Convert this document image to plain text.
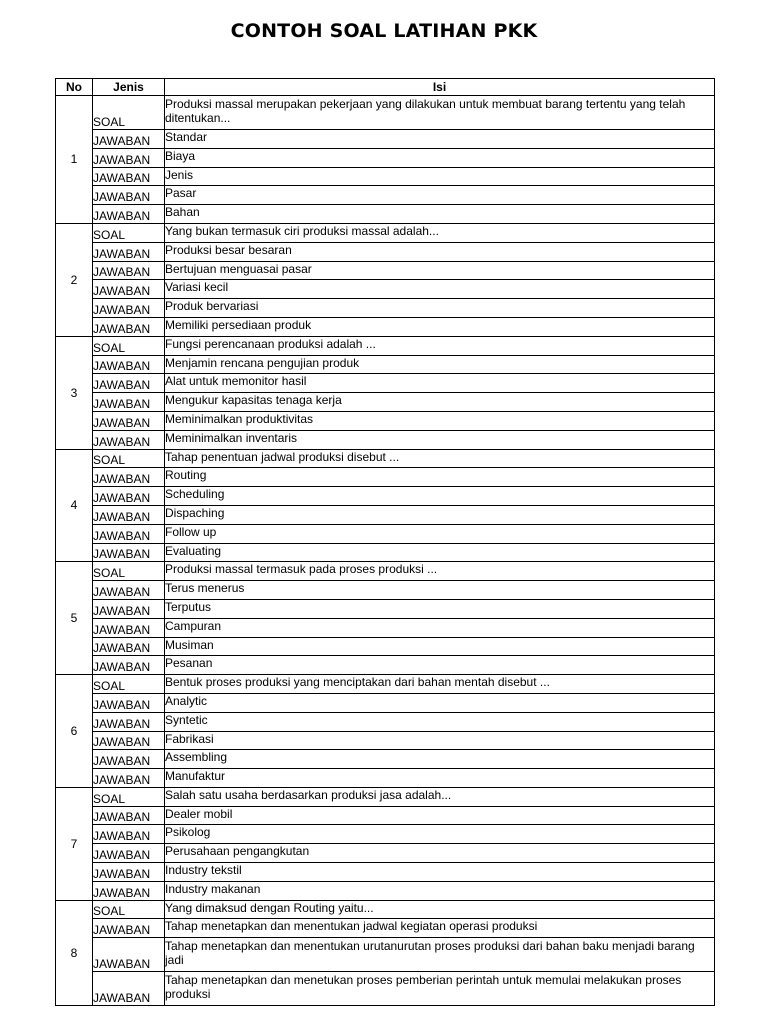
CONTOH SOAL LATIHAN PKK
No	Jenis	Isi
1	SOAL	Produksi massal merupakan pekerjaan yang dilakukan untuk membuat barang tertentu yang telah ditentukan...
	JAWABAN	Standar
	JAWABAN	Biaya
	JAWABAN	Jenis
	JAWABAN	Pasar
	JAWABAN	Bahan
2	SOAL	Yang bukan termasuk ciri produksi massal adalah...
	JAWABAN	Produksi besar besaran
	JAWABAN	Bertujuan menguasai pasar
	JAWABAN	Variasi kecil
	JAWABAN	Produk bervariasi
	JAWABAN	Memiliki persediaan produk
3	SOAL	Fungsi perencanaan produksi adalah ...
	JAWABAN	Menjamin rencana pengujian produk
	JAWABAN	Alat untuk memonitor hasil
	JAWABAN	Mengukur kapasitas tenaga kerja
	JAWABAN	Meminimalkan produktivitas
	JAWABAN	Meminimalkan inventaris
4	SOAL	Tahap penentuan jadwal produksi disebut ...
	JAWABAN	Routing
	JAWABAN	Scheduling
	JAWABAN	Dispaching
	JAWABAN	Follow up
	JAWABAN	Evaluating
5	SOAL	Produksi massal termasuk pada proses produksi ...
	JAWABAN	Terus menerus
	JAWABAN	Terputus
	JAWABAN	Campuran
	JAWABAN	Musiman
	JAWABAN	Pesanan
6	SOAL	Bentuk proses produksi yang menciptakan dari bahan mentah disebut ...
	JAWABAN	Analytic
	JAWABAN	Syntetic
	JAWABAN	Fabrikasi
	JAWABAN	Assembling
	JAWABAN	Manufaktur
7	SOAL	Salah satu usaha berdasarkan produksi jasa adalah...
	JAWABAN	Dealer mobil
	JAWABAN	Psikolog
	JAWABAN	Perusahaan pengangkutan
	JAWABAN	Industry tekstil
	JAWABAN	Industry makanan
8	SOAL	Yang dimaksud dengan Routing yaitu...
	JAWABAN	Tahap menetapkan dan menentukan jadwal kegiatan operasi produksi
	JAWABAN	Tahap menetapkan dan menentukan urutanurutan proses produksi dari bahan baku menjadi barang jadi
	JAWABAN	Tahap menetapkan dan menetukan proses pemberian perintah untuk memulai melakukan proses produksi
